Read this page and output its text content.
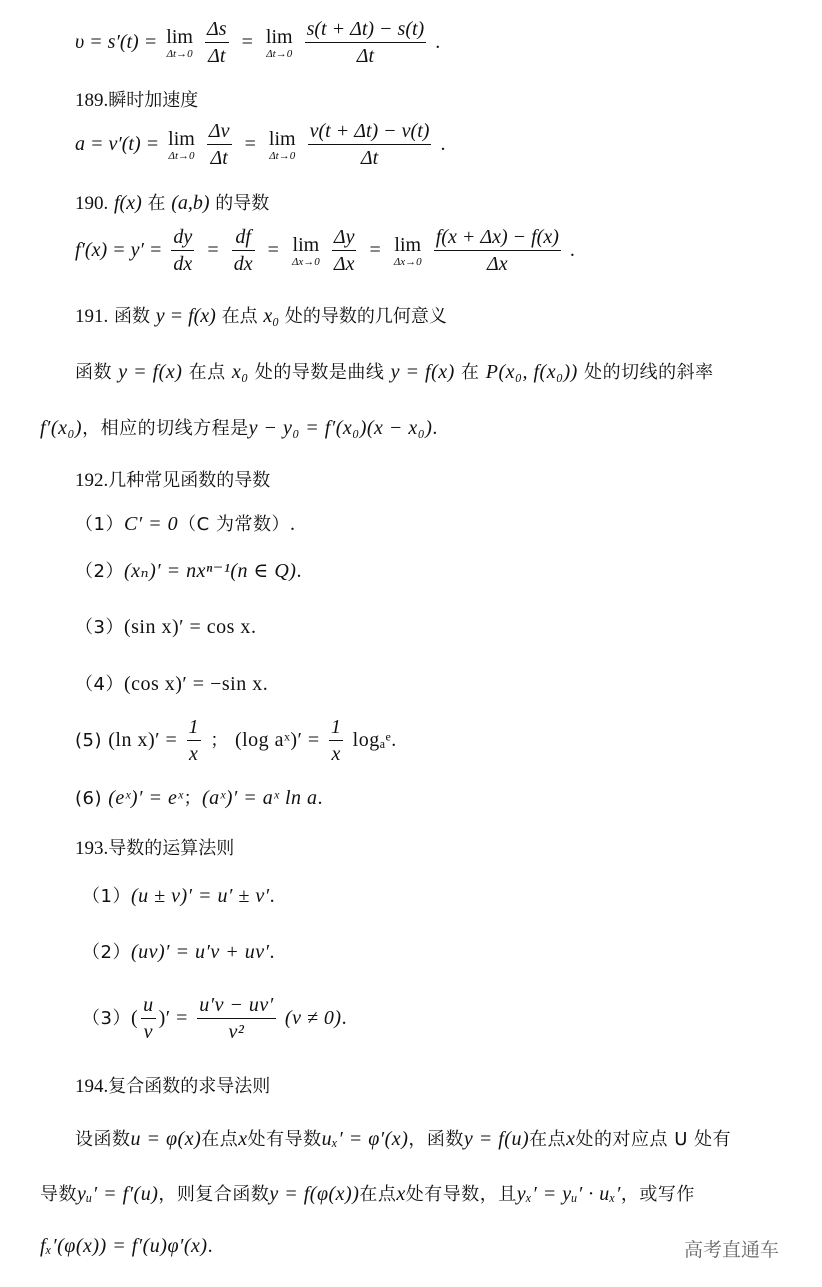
υ = s′(t) = lim
Δt→0
$\frac{\Delta s}{\Delta t} = \lim$
Δt→0
$\frac{s(t + \Delta t) - s(t)}{\Delta t}$ .
189.瞬时加速度
a = v′(t) = lim
Δt→0
$\frac{\Delta v}{\Delta t} = \lim$
Δt→0
$\frac{v(t + \Delta t) - v(t)}{\Delta t}$ .
190. f(x) 在 (a,b) 的导数
$f'(x) = y' = \frac{dy}{dx} = \frac{df}{dx} = \lim$
Δx→0
$\frac{\Delta y}{\Delta x} = \lim$
Δx→0
$\frac{f(x + \Delta x) - f(x)}{\Delta x}$ .
191. 函数 y = f(x) 在点 x₀ 处的导数的几何意义
函数 y = f(x) 在点 x₀ 处的导数是曲线 y = f(x) 在 P(x₀, f(x₀)) 处的切线的斜率
f′(x₀)，相应的切线方程是y − y₀ = f′(x₀)(x − x₀).
192.几种常见函数的导数
（1）C′ = 0（C 为常数）.
（2）(xₙ)′ = nxⁿ⁻¹(n ∈ Q).
（3）(sin x)′ = cos x.
（4）(cos x)′ = −sin x.
(5) (ln $x)' = \frac{1}{x}$ ； (log aˣ)′ = $\frac{1}{x}$ logₐᵉ.
(6) (eˣ)′ = eˣ；(aˣ)′ = aˣ ln a.
193.导数的运算法则
（1）(u ± v)′ = u′ ± v′.
（2）(uv)′ = u′v + uv′.
$(3)( \frac{u}{v}$ )′ = $\frac{u'v - uv'}{\text{v²}} (v \ne 0)$.
194.复合函数的求导法则
设函数u = φ(x)在点x处有导数uₓ′ = φ′(x)，函数y = f(u)在点x处的对应点 U 处有
导数yᵤ′ = f′(u)，则复合函数y = f(φ(x))在点x处有导数，且yₓ′ = yᵤ′ · uₓ′，或写作
fₓ′(φ(x)) = f′(u)φ′(x).	高考直通车
